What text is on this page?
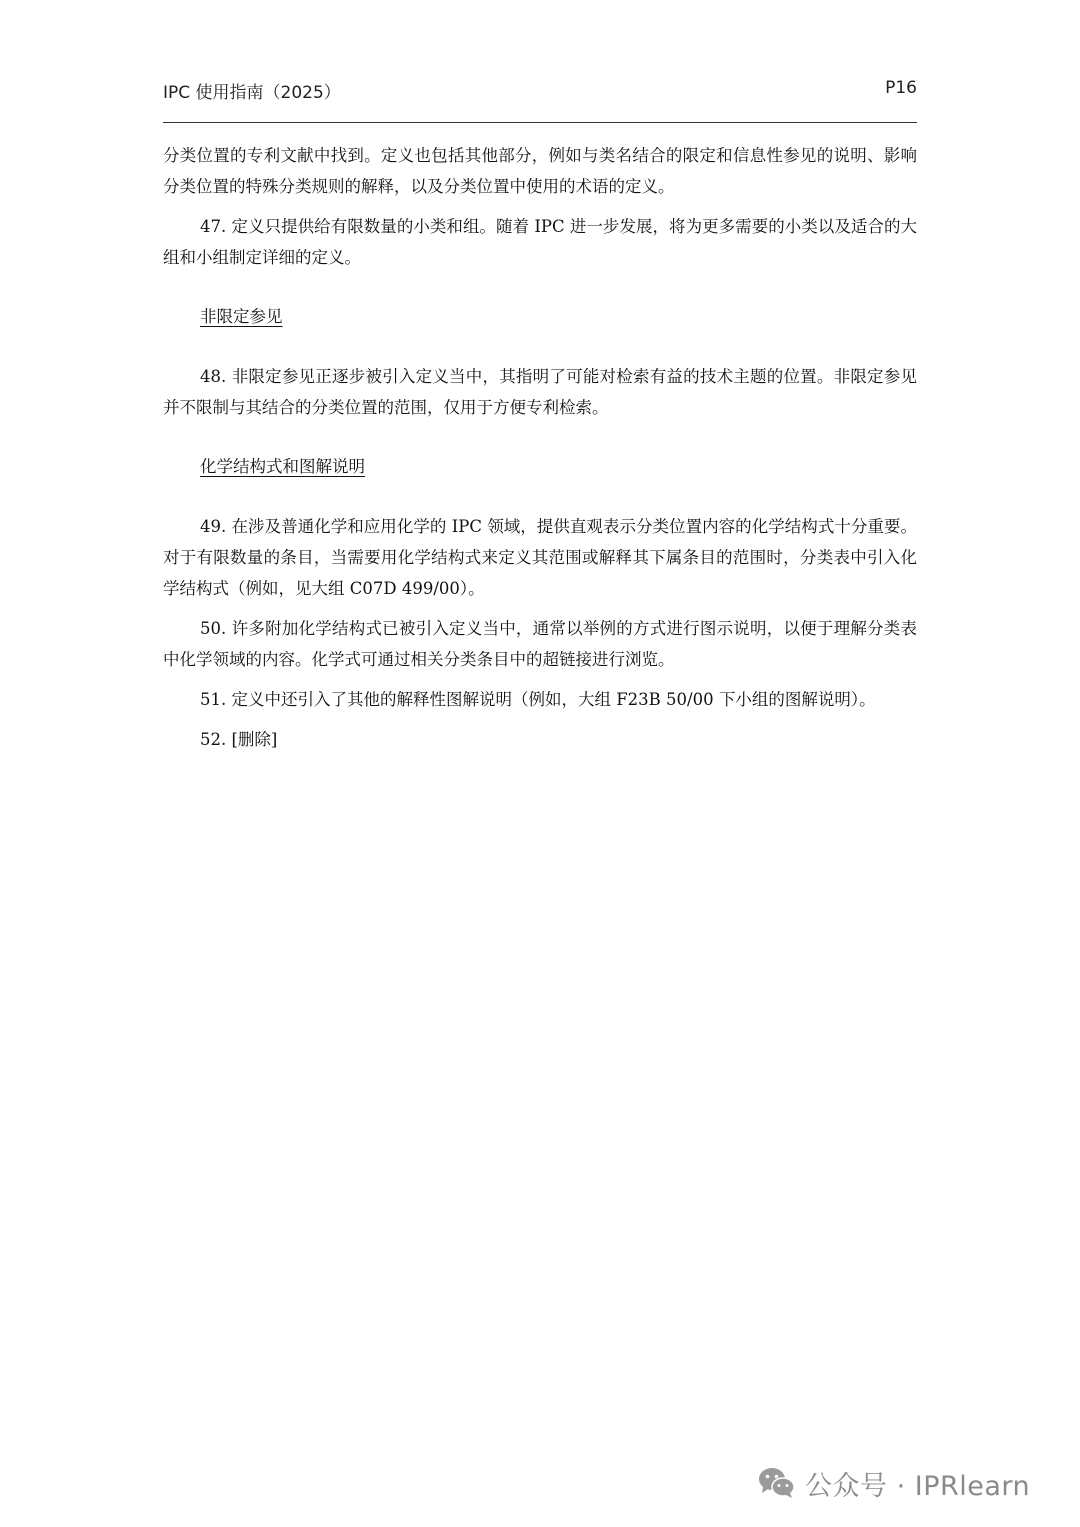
IPC 使用指南（2025）	P16

分类位置的专利文献中找到。定义也包括其他部分，例如与类名结合的限定和信息性参见的说明、影响分类位置的特殊分类规则的解释，以及分类位置中使用的术语的定义。

47. 定义只提供给有限数量的小类和组。随着 IPC 进一步发展，将为更多需要的小类以及适合的大组和小组制定详细的定义。

非限定参见

48. 非限定参见正逐步被引入定义当中，其指明了可能对检索有益的技术主题的位置。非限定参见并不限制与其结合的分类位置的范围，仅用于方便专利检索。

化学结构式和图解说明

49. 在涉及普通化学和应用化学的 IPC 领域，提供直观表示分类位置内容的化学结构式十分重要。对于有限数量的条目，当需要用化学结构式来定义其范围或解释其下属条目的范围时，分类表中引入化学结构式（例如，见大组 C07D 499/00）。

50. 许多附加化学结构式已被引入定义当中，通常以举例的方式进行图示说明，以便于理解分类表中化学领域的内容。化学式可通过相关分类条目中的超链接进行浏览。

51. 定义中还引入了其他的解释性图解说明（例如，大组 F23B 50/00 下小组的图解说明）。

52. [删除]

公众号 · IPRlearn
